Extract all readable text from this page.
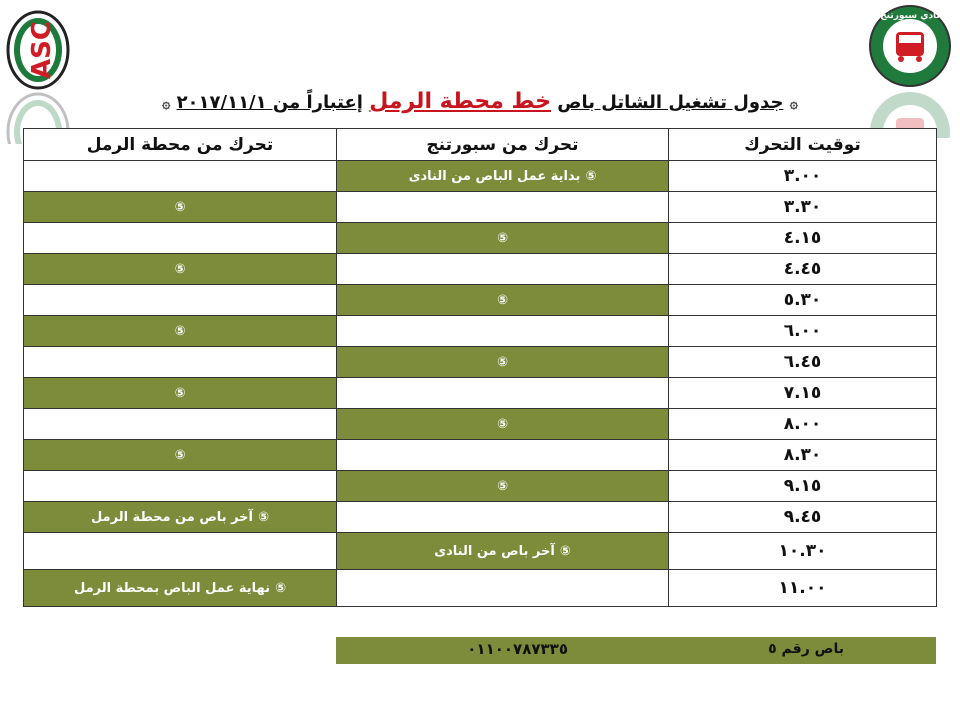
ASC
نادي سبورتنج
۞ جدول تشغيل الشاتل باص خط محطة الرمل إعتباراً من ٢٠١٧/١١/١ ۞
توقيت التحرك	تحرك من سبورتنج	تحرك من محطة الرمل
٣.٠٠	⑤بداية عمل الباص من النادى	
٣.٣٠		⑤
٤.١٥	⑤	
٤.٤٥		⑤
٥.٣٠	⑤	
٦.٠٠		⑤
٦.٤٥	⑤	
٧.١٥		⑤
٨.٠٠	⑤	
٨.٣٠		⑤
٩.١٥	⑤	
٩.٤٥		⑤آخر باص من محطة الرمل
١٠.٣٠	⑤آخر باص من النادى	
١١.٠٠		⑤نهاية عمل الباص بمحطة الرمل
باص رقم ٥
٠١١٠٠٧٨٧٣٣٥
